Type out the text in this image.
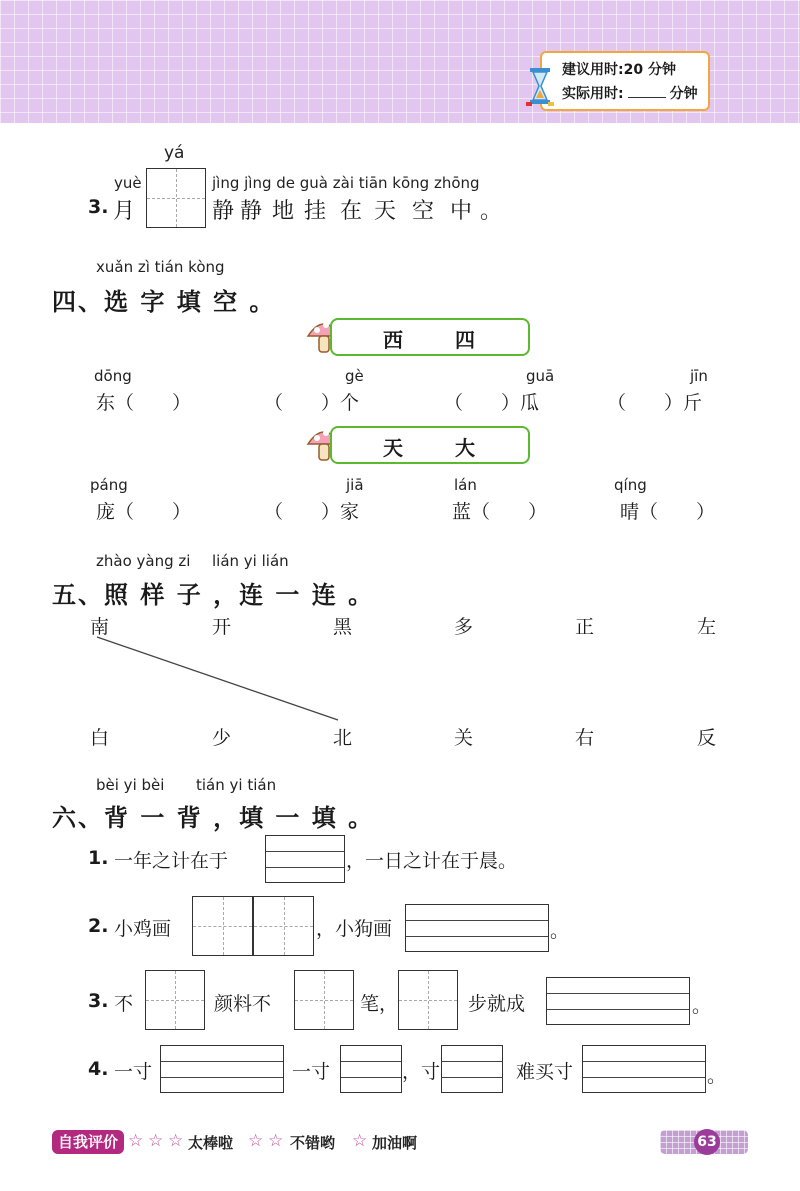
建议用时:20 分钟
实际用时:	分钟
3.
yuè
yá
月
jìng jìng de guà zài tiān kōng zhōng
静 静 地 挂 在 天 空 中 。
xuǎn zì tián kòng
四、选 字 填 空 。
西	四
dōng
东（　　）
gè
（　　）个
guā
（　　）瓜
jīn
（　　）斤
天	大
páng
庞（　　）
jiā
（　　）家
lán
蓝（　　）
qíng
晴（　　）
zhào yàng zi lián yi lián
五、照 样 子 ，连 一 连 。
南	开	黑	多	正	左
白	少	北	关	右	反
bèi yi bèi tián yi tián
六、背 一 背 ，填 一 填 。
1. 一年之计在于	，一日之计在于晨。
2. 小鸡画	，小狗画	。
3. 不	颜料不	笔，	步就成	。
4. 一寸	一寸	，寸	难买寸	。
自我评价 ☆ ☆ ☆ 太棒啦 ☆ ☆ 不错哟 ☆ 加油啊	63
